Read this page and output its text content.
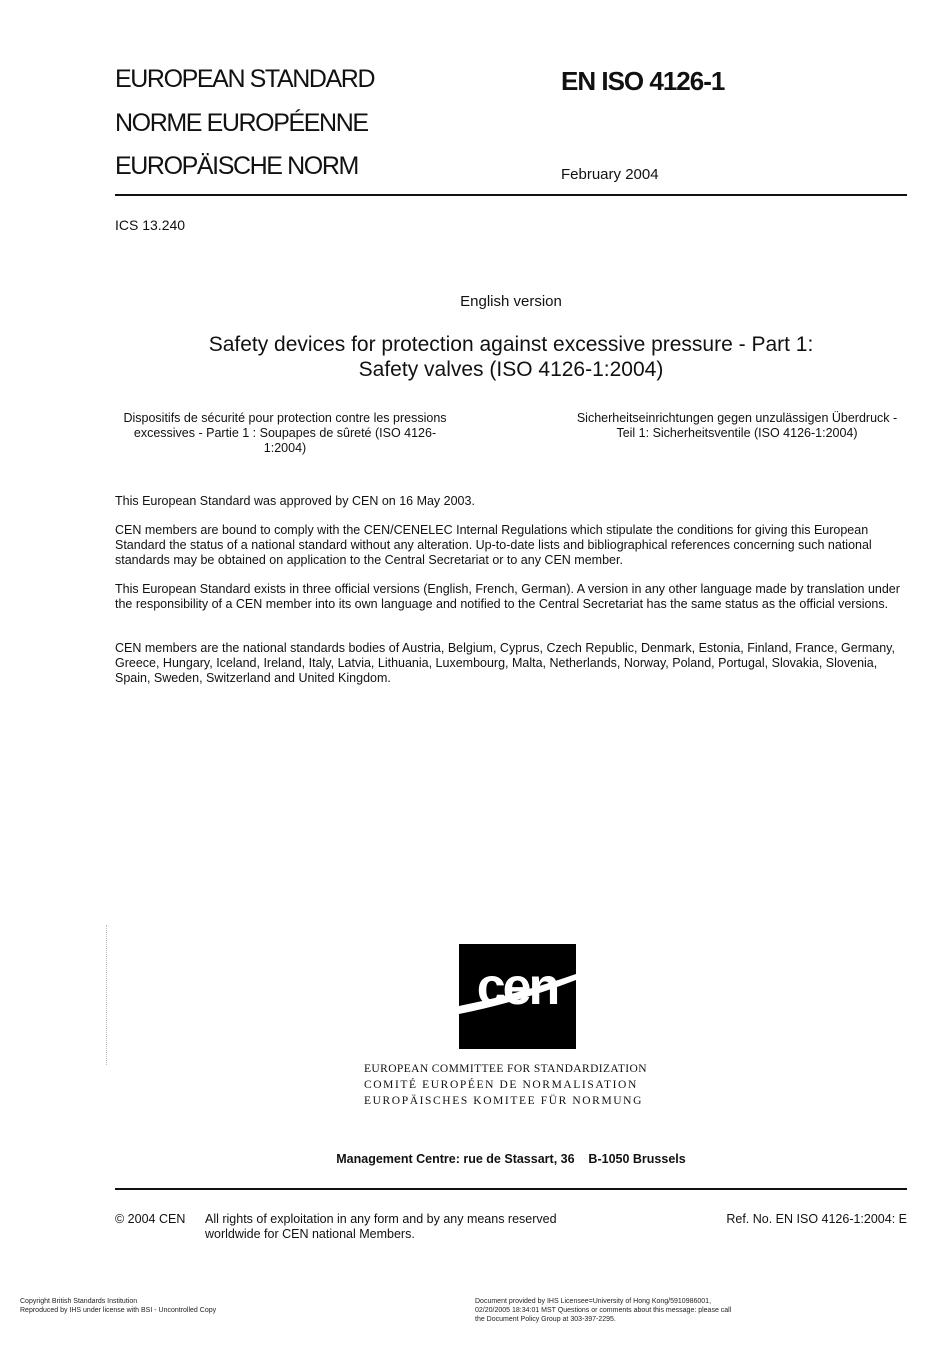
EUROPEAN STANDARD
NORME EUROPÉENNE
EUROPÄISCHE NORM
EN ISO 4126-1
February 2004
ICS 13.240
English version
Safety devices for protection against excessive pressure - Part 1: Safety valves (ISO 4126-1:2004)
Dispositifs de sécurité pour protection contre les pressions excessives - Partie 1 : Soupapes de sûreté (ISO 4126-1:2004)
Sicherheitseinrichtungen gegen unzulässigen Überdruck - Teil 1: Sicherheitsventile (ISO 4126-1:2004)
This European Standard was approved by CEN on 16 May 2003.
CEN members are bound to comply with the CEN/CENELEC Internal Regulations which stipulate the conditions for giving this European Standard the status of a national standard without any alteration. Up-to-date lists and bibliographical references concerning such national standards may be obtained on application to the Central Secretariat or to any CEN member.
This European Standard exists in three official versions (English, French, German). A version in any other language made by translation under the responsibility of a CEN member into its own language and notified to the Central Secretariat has the same status as the official versions.
CEN members are the national standards bodies of Austria, Belgium, Cyprus, Czech Republic, Denmark, Estonia, Finland, France, Germany, Greece, Hungary, Iceland, Ireland, Italy, Latvia, Lithuania, Luxembourg, Malta, Netherlands, Norway, Poland, Portugal, Slovakia, Slovenia, Spain, Sweden, Switzerland and United Kingdom.
cen
EUROPEAN COMMITTEE FOR STANDARDIZATION
COMITÉ EUROPÉEN DE NORMALISATION
EUROPÄISCHES KOMITEE FÜR NORMUNG
Management Centre: rue de Stassart, 36    B-1050 Brussels
© 2004 CEN All rights of exploitation in any form and by any means reserved worldwide for CEN national Members.
Ref. No. EN ISO 4126-1:2004: E
Copyright British Standards Institution
Reproduced by IHS under license with BSI - Uncontrolled Copy
Document provided by IHS Licensee=University of Hong Kong/5910986001,
02/20/2005 18:34:01 MST Questions or comments about this message: please call
the Document Policy Group at 303-397-2295.
